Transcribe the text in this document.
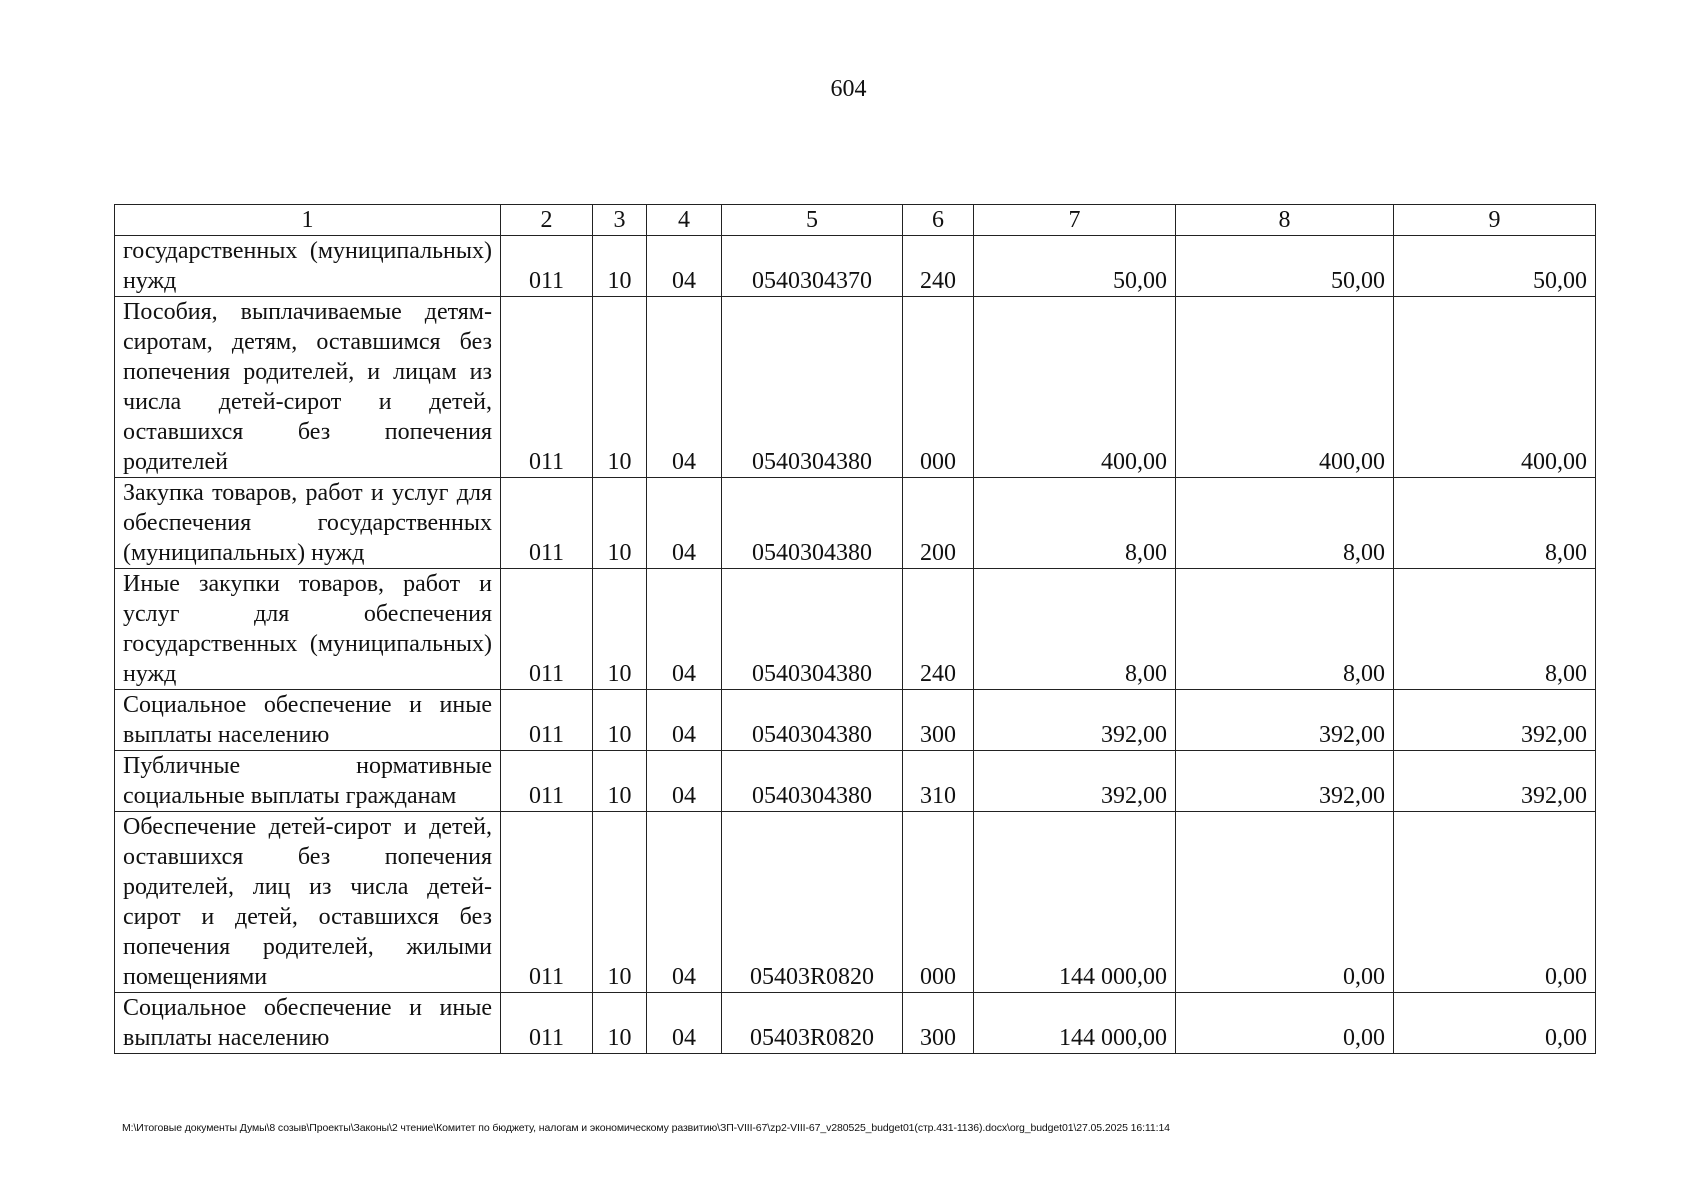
604
1	2	3	4	5	6	7	8	9
государственных (муниципальных) нужд	011	10	04	0540304370	240	50,00	50,00	50,00
Пособия, выплачиваемые детям-сиротам, детям, оставшимся без попечения родителей, и лицам из числа детей-сирот и детей, оставшихся без попечения родителей	011	10	04	0540304380	000	400,00	400,00	400,00
Закупка товаров, работ и услуг для обеспечения государственных (муниципальных) нужд	011	10	04	0540304380	200	8,00	8,00	8,00
Иные закупки товаров, работ и услуг для обеспечения государственных (муниципальных) нужд	011	10	04	0540304380	240	8,00	8,00	8,00
Социальное обеспечение и иные выплаты населению	011	10	04	0540304380	300	392,00	392,00	392,00
Публичные нормативные социальные выплаты гражданам	011	10	04	0540304380	310	392,00	392,00	392,00
Обеспечение детей-сирот и детей, оставшихся без попечения родителей, лиц из числа детей-сирот и детей, оставшихся без попечения родителей, жилыми помещениями	011	10	04	05403R0820	000	144 000,00	0,00	0,00
Социальное обеспечение и иные выплаты населению	011	10	04	05403R0820	300	144 000,00	0,00	0,00
М:\Итоговые документы Думы\8 созыв\Проекты\Законы\2 чтение\Комитет по бюджету, налогам и экономическому развитию\ЗП-VIII-67\zp2-VIII-67_v280525_budget01(стр.431-1136).docx\org_budget01\27.05.2025 16:11:14
